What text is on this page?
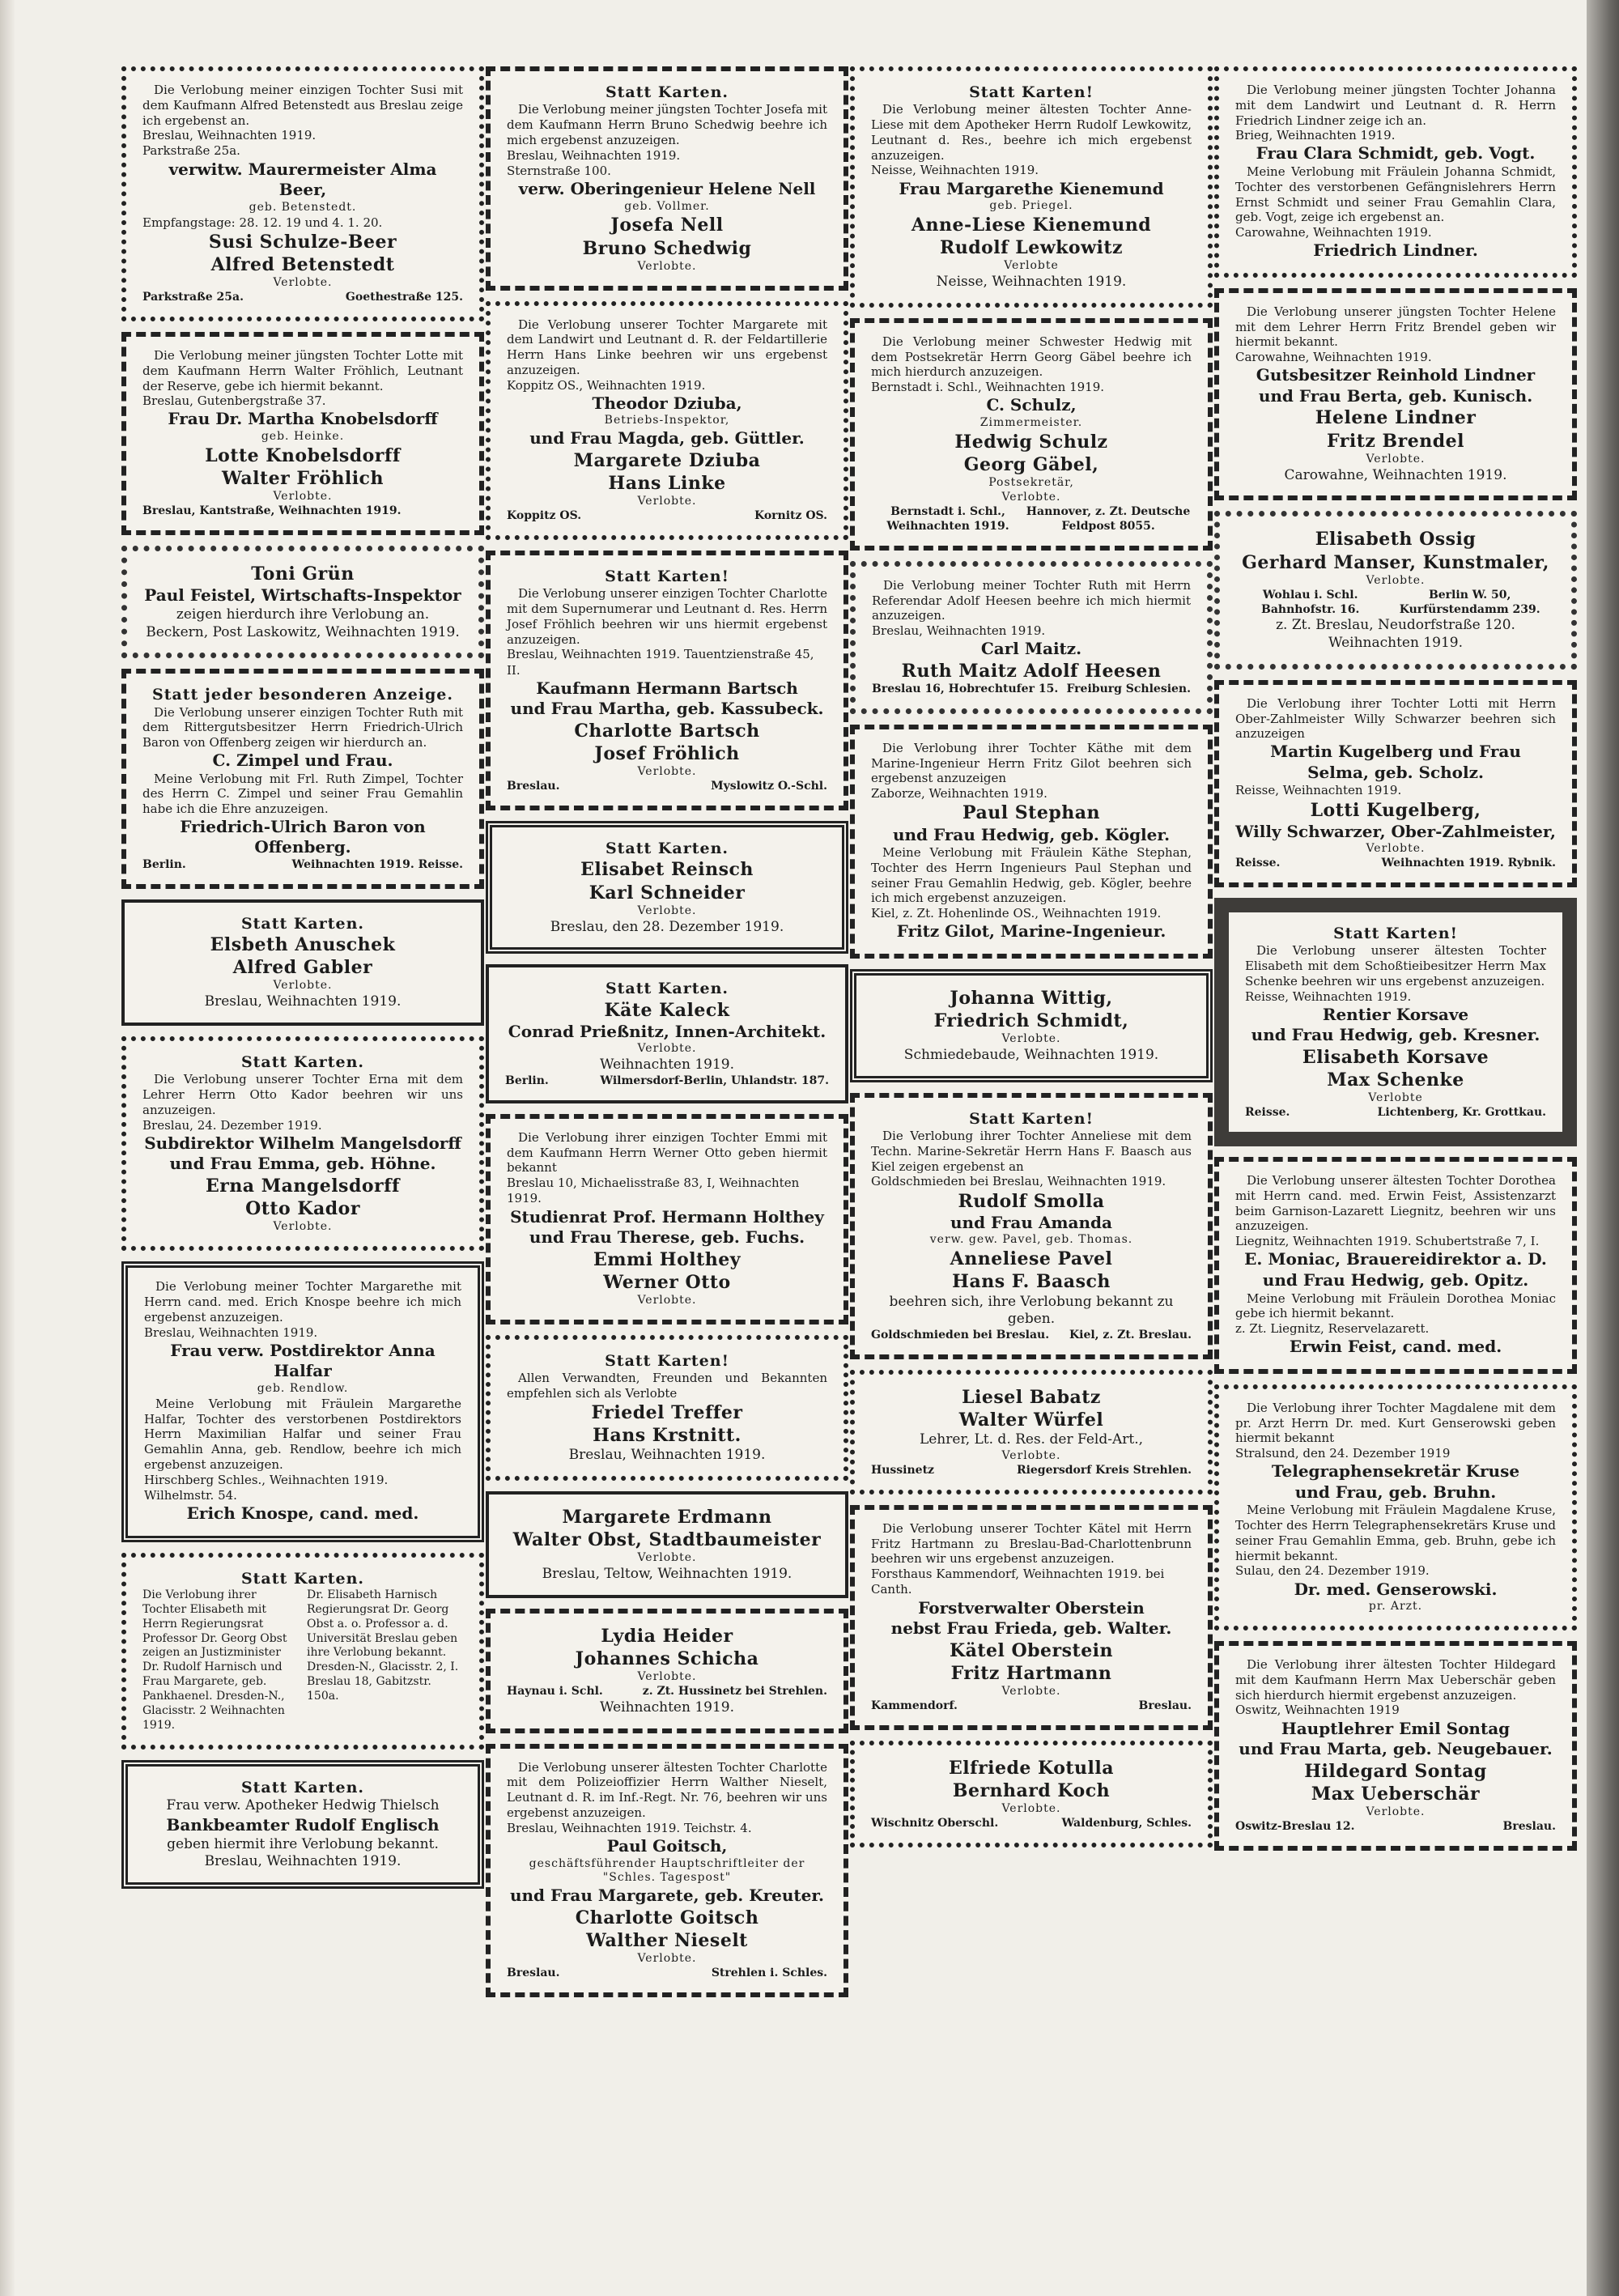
Die Verlobung meiner einzigen Tochter Susi mit dem Kaufmann Alfred Betenstedt aus Breslau zeige ich ergebenst an.
Breslau, Weihnachten 1919.
Parkstraße 25a.
verwitw. Maurermeister Alma Beer,
geb. Betenstedt.
Empfangstage: 28. 12. 19 und 4. 1. 20.
Susi Schulze-Beer
Alfred Betenstedt
Verlobte.
Parkstraße 25a.	Goethestraße 125.
Die Verlobung meiner jüngsten Tochter Lotte mit dem Kaufmann Herrn Walter Fröhlich, Leutnant der Reserve, gebe ich hiermit bekannt.
Breslau, Gutenbergstraße 37.
Frau Dr. Martha Knobelsdorff
geb. Heinke.
Lotte Knobelsdorff
Walter Fröhlich
Verlobte.
Breslau, Kantstraße, Weihnachten 1919.
Toni Grün
Paul Feistel, Wirtschafts-Inspektor
zeigen hierdurch ihre Verlobung an.
Beckern, Post Laskowitz, Weihnachten 1919.
Statt jeder besonderen Anzeige.
Die Verlobung unserer einzigen Tochter Ruth mit dem Rittergutsbesitzer Herrn Friedrich-Ulrich Baron von Offenberg zeigen wir hierdurch an.
C. Zimpel und Frau.
Meine Verlobung mit Frl. Ruth Zimpel, Tochter des Herrn C. Zimpel und seiner Frau Gemahlin habe ich die Ehre anzuzeigen.
Friedrich-Ulrich Baron von Offenberg.
Berlin.	Weihnachten 1919. Reisse.
Statt Karten.
Elsbeth Anuschek
Alfred Gabler
Verlobte.
Breslau, Weihnachten 1919.
Statt Karten.
Die Verlobung unserer Tochter Erna mit dem Lehrer Herrn Otto Kador beehren wir uns anzuzeigen.
Breslau, 24. Dezember 1919.
Subdirektor Wilhelm Mangelsdorff
und Frau Emma, geb. Höhne.
Erna Mangelsdorff
Otto Kador
Verlobte.
Die Verlobung meiner Tochter Margarethe mit Herrn cand. med. Erich Knospe beehre ich mich ergebenst anzuzeigen.
Breslau, Weihnachten 1919.
Frau verw. Postdirektor Anna Halfar
geb. Rendlow.
Meine Verlobung mit Fräulein Margarethe Halfar, Tochter des verstorbenen Postdirektors Herrn Maximilian Halfar und seiner Frau Gemahlin Anna, geb. Rendlow, beehre ich mich ergebenst anzuzeigen.
Hirschberg Schles., Weihnachten 1919. Wilhelmstr. 54.
Erich Knospe, cand. med.
Statt Karten.
Die Verlobung ihrer Tochter Elisabeth mit Herrn Regierungsrat Professor Dr. Georg Obst zeigen an Justizminister Dr. Rudolf Harnisch und Frau Margarete, geb. Pankhaenel. Dresden-N., Glacisstr. 2 Weihnachten 1919.
Dr. Elisabeth Harnisch Regierungsrat Dr. Georg Obst a. o. Professor a. d. Universität Breslau geben ihre Verlobung bekannt. Dresden-N., Glacisstr. 2, I. Breslau 18, Gabitzstr. 150a.
Statt Karten.
Frau verw. Apotheker Hedwig Thielsch
Bankbeamter Rudolf Englisch
geben hiermit ihre Verlobung bekannt.
Breslau, Weihnachten 1919.
Statt Karten.
Die Verlobung meiner jüngsten Tochter Josefa mit dem Kaufmann Herrn Bruno Schedwig beehre ich mich ergebenst anzuzeigen.
Breslau, Weihnachten 1919.
Sternstraße 100.
verw. Oberingenieur Helene Nell
geb. Vollmer.
Josefa Nell
Bruno Schedwig
Verlobte.
Die Verlobung unserer Tochter Margarete mit dem Landwirt und Leutnant d. R. der Feldartillerie Herrn Hans Linke beehren wir uns ergebenst anzuzeigen.
Koppitz OS., Weihnachten 1919.
Theodor Dziuba,
Betriebs-Inspektor,
und Frau Magda, geb. Güttler.
Margarete Dziuba
Hans Linke
Verlobte.
Koppitz OS.	Kornitz OS.
Statt Karten!
Die Verlobung unserer einzigen Tochter Charlotte mit dem Supernumerar und Leutnant d. Res. Herrn Josef Fröhlich beehren wir uns hiermit ergebenst anzuzeigen.
Breslau, Weihnachten 1919. Tauentzienstraße 45, II.
Kaufmann Hermann Bartsch
und Frau Martha, geb. Kassubeck.
Charlotte Bartsch
Josef Fröhlich
Verlobte.
Breslau.	Myslowitz O.-Schl.
Statt Karten.
Elisabet Reinsch
Karl Schneider
Verlobte.
Breslau, den 28. Dezember 1919.
Statt Karten.
Käte Kaleck
Conrad Prießnitz, Innen-Architekt.
Verlobte.
Weihnachten 1919.
Berlin.	Wilmersdorf-Berlin, Uhlandstr. 187.
Die Verlobung ihrer einzigen Tochter Emmi mit dem Kaufmann Herrn Werner Otto geben hiermit bekannt
Breslau 10, Michaelisstraße 83, I, Weihnachten 1919.
Studienrat Prof. Hermann Holthey
und Frau Therese, geb. Fuchs.
Emmi Holthey
Werner Otto
Verlobte.
Statt Karten!
Allen Verwandten, Freunden und Bekannten empfehlen sich als Verlobte
Friedel Treffer
Hans Krstnitt.
Breslau, Weihnachten 1919.
Margarete Erdmann
Walter Obst, Stadtbaumeister
Verlobte.
Breslau, Teltow, Weihnachten 1919.
Lydia Heider
Johannes Schicha
Verlobte.
Haynau i. Schl.	z. Zt. Hussinetz bei Strehlen.
Weihnachten 1919.
Die Verlobung unserer ältesten Tochter Charlotte mit dem Polizeioffizier Herrn Walther Nieselt, Leutnant d. R. im Inf.-Regt. Nr. 76, beehren wir uns ergebenst anzuzeigen.
Breslau, Weihnachten 1919. Teichstr. 4.
Paul Goitsch,
geschäftsführender Hauptschriftleiter der "Schles. Tagespost"
und Frau Margarete, geb. Kreuter.
Charlotte Goitsch
Walther Nieselt
Verlobte.
Breslau.	Strehlen i. Schles.
Statt Karten!
Die Verlobung meiner ältesten Tochter Anne-Liese mit dem Apotheker Herrn Rudolf Lewkowitz, Leutnant d. Res., beehre ich mich ergebenst anzuzeigen.
Neisse, Weihnachten 1919.
Frau Margarethe Kienemund
geb. Priegel.
Anne-Liese Kienemund
Rudolf Lewkowitz
Verlobte
Neisse, Weihnachten 1919.
Die Verlobung meiner Schwester Hedwig mit dem Postsekretär Herrn Georg Gäbel beehre ich mich hierdurch anzuzeigen.
Bernstadt i. Schl., Weihnachten 1919.
C. Schulz,
Zimmermeister.
Hedwig Schulz
Georg Gäbel,
Postsekretär,
Verlobte.
Bernstadt i. Schl., Weihnachten 1919.
Hannover, z. Zt. Deutsche Feldpost 8055.
Die Verlobung meiner Tochter Ruth mit Herrn Referendar Adolf Heesen beehre ich mich hiermit anzuzeigen.
Breslau, Weihnachten 1919.
Carl Maitz.
Ruth Maitz Adolf Heesen
Breslau 16, Hobrechtufer 15. Freiburg Schlesien.
Die Verlobung ihrer Tochter Käthe mit dem Marine-Ingenieur Herrn Fritz Gilot beehren sich ergebenst anzuzeigen
Zaborze, Weihnachten 1919.
Paul Stephan
und Frau Hedwig, geb. Kögler.
Meine Verlobung mit Fräulein Käthe Stephan, Tochter des Herrn Ingenieurs Paul Stephan und seiner Frau Gemahlin Hedwig, geb. Kögler, beehre ich mich ergebenst anzuzeigen.
Kiel, z. Zt. Hohenlinde OS., Weihnachten 1919.
Fritz Gilot, Marine-Ingenieur.
Johanna Wittig,
Friedrich Schmidt,
Verlobte.
Schmiedebaude, Weihnachten 1919.
Statt Karten!
Die Verlobung ihrer Tochter Anneliese mit dem Techn. Marine-Sekretär Herrn Hans F. Baasch aus Kiel zeigen ergebenst an
Goldschmieden bei Breslau, Weihnachten 1919.
Rudolf Smolla
und Frau Amanda
verw. gew. Pavel, geb. Thomas.
Anneliese Pavel
Hans F. Baasch
beehren sich, ihre Verlobung bekannt zu geben.
Goldschmieden bei Breslau. Kiel, z. Zt. Breslau.
Liesel Babatz
Walter Würfel
Lehrer, Lt. d. Res. der Feld-Art.,
Verlobte.
Hussinetz	Riegersdorf Kreis Strehlen.
Die Verlobung unserer Tochter Kätel mit Herrn Fritz Hartmann zu Breslau-Bad-Charlottenbrunn beehren wir uns ergebenst anzuzeigen.
Forsthaus Kammendorf, Weihnachten 1919. bei Canth.
Forstverwalter Oberstein
nebst Frau Frieda, geb. Walter.
Kätel Oberstein
Fritz Hartmann
Verlobte.
Kammendorf.	Breslau.
Elfriede Kotulla
Bernhard Koch
Verlobte.
Wischnitz Oberschl.	Waldenburg, Schles.
Die Verlobung meiner jüngsten Tochter Johanna mit dem Landwirt und Leutnant d. R. Herrn Friedrich Lindner zeige ich an.
Brieg, Weihnachten 1919.
Frau Clara Schmidt, geb. Vogt.
Meine Verlobung mit Fräulein Johanna Schmidt, Tochter des verstorbenen Gefängnislehrers Herrn Ernst Schmidt und seiner Frau Gemahlin Clara, geb. Vogt, zeige ich ergebenst an.
Carowahne, Weihnachten 1919.
Friedrich Lindner.
Die Verlobung unserer jüngsten Tochter Helene mit dem Lehrer Herrn Fritz Brendel geben wir hiermit bekannt.
Carowahne, Weihnachten 1919.
Gutsbesitzer Reinhold Lindner
und Frau Berta, geb. Kunisch.
Helene Lindner
Fritz Brendel
Verlobte.
Carowahne, Weihnachten 1919.
Elisabeth Ossig
Gerhard Manser, Kunstmaler,
Verlobte.
Wohlau i. Schl. Bahnhofstr. 16.
Berlin W. 50, Kurfürstendamm 239.
z. Zt. Breslau, Neudorfstraße 120.
Weihnachten 1919.
Die Verlobung ihrer Tochter Lotti mit Herrn Ober-Zahlmeister Willy Schwarzer beehren sich anzuzeigen
Martin Kugelberg und Frau
Selma, geb. Scholz.
Reisse, Weihnachten 1919.
Lotti Kugelberg,
Willy Schwarzer, Ober-Zahlmeister,
Verlobte.
Reisse.	Weihnachten 1919. Rybnik.
Statt Karten!
Die Verlobung unserer ältesten Tochter Elisabeth mit dem Schoßtieibesitzer Herrn Max Schenke beehren wir uns ergebenst anzuzeigen.
Reisse, Weihnachten 1919.
Rentier Korsave
und Frau Hedwig, geb. Kresner.
Elisabeth Korsave
Max Schenke
Verlobte
Reisse.	Lichtenberg, Kr. Grottkau.
Die Verlobung unserer ältesten Tochter Dorothea mit Herrn cand. med. Erwin Feist, Assistenzarzt beim Garnison-Lazarett Liegnitz, beehren wir uns anzuzeigen.
Liegnitz, Weihnachten 1919. Schubertstraße 7, I.
E. Moniac, Brauereidirektor a. D.
und Frau Hedwig, geb. Opitz.
Meine Verlobung mit Fräulein Dorothea Moniac gebe ich hiermit bekannt.
z. Zt. Liegnitz, Reservelazarett.
Erwin Feist, cand. med.
Die Verlobung ihrer Tochter Magdalene mit dem pr. Arzt Herrn Dr. med. Kurt Genserowski geben hiermit bekannt
Stralsund, den 24. Dezember 1919
Telegraphensekretär Kruse
und Frau, geb. Bruhn.
Meine Verlobung mit Fräulein Magdalene Kruse, Tochter des Herrn Telegraphensekretärs Kruse und seiner Frau Gemahlin Emma, geb. Bruhn, gebe ich hiermit bekannt.
Sulau, den 24. Dezember 1919.
Dr. med. Genserowski.
pr. Arzt.
Die Verlobung ihrer ältesten Tochter Hildegard mit dem Kaufmann Herrn Max Ueberschär geben sich hierdurch hiermit ergebenst anzuzeigen.
Oswitz, Weihnachten 1919
Hauptlehrer Emil Sontag
und Frau Marta, geb. Neugebauer.
Hildegard Sontag
Max Ueberschär
Verlobte.
Oswitz-Breslau 12.	Breslau.
